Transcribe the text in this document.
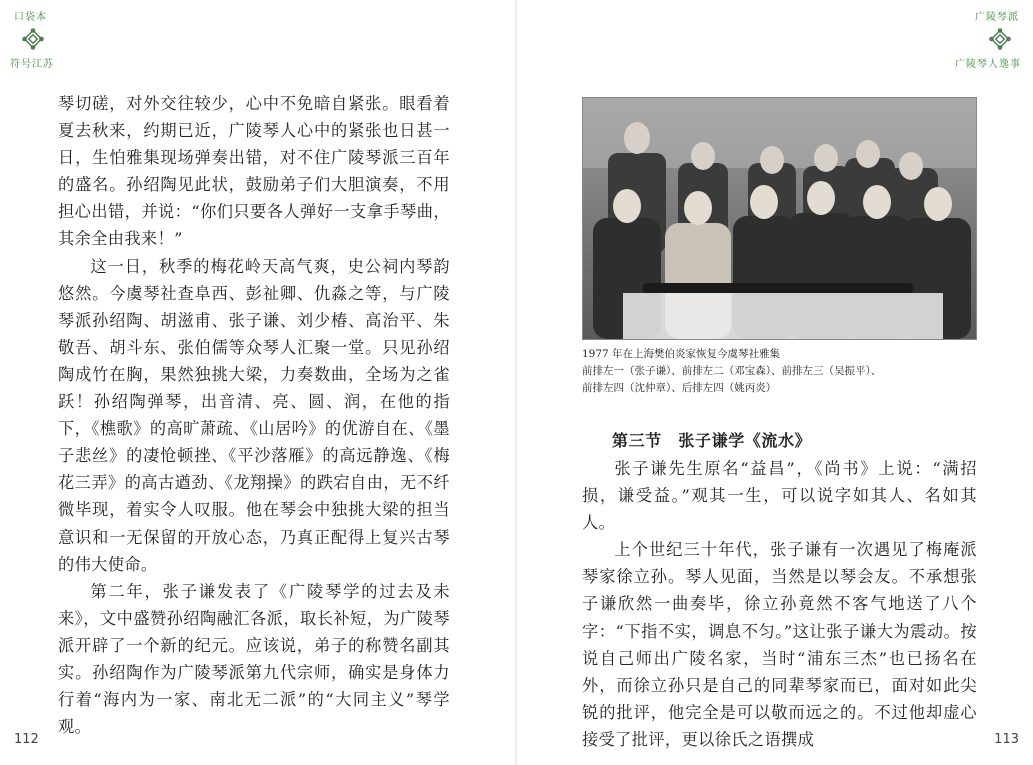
口袋本
符号江苏

琴切磋，对外交往较少，心中不免暗自紧张。眼看着夏去秋来，约期已近，广陵琴人心中的紧张也日甚一日，生怕雅集现场弹奏出错，对不住广陵琴派三百年的盛名。孙绍陶见此状，鼓励弟子们大胆演奏，不用担心出错，并说：“你们只要各人弹好一支拿手琴曲，其余全由我来！”

这一日，秋季的梅花岭天高气爽，史公祠内琴韵悠然。今虞琴社查阜西、彭祉卿、仇淼之等，与广陵琴派孙绍陶、胡滋甫、张子谦、刘少椿、高治平、朱敬吾、胡斗东、张伯儒等众琴人汇聚一堂。只见孙绍陶成竹在胸，果然独挑大梁，力奏数曲，全场为之雀跃！孙绍陶弹琴，出音清、亮、圆、润，在他的指下，《樵歌》的高旷萧疏、《山居吟》的优游自在、《墨子悲丝》的凄怆顿挫、《平沙落雁》的高远静逸、《梅花三弄》的高古遒劲、《龙翔操》的跌宕自由，无不纤微毕现，着实令人叹服。他在琴会中独挑大梁的担当意识和一无保留的开放心态，乃真正配得上复兴古琴的伟大使命。

第二年，张子谦发表了《广陵琴学的过去及未来》，文中盛赞孙绍陶融汇各派，取长补短，为广陵琴派开辟了一个新的纪元。应该说，弟子的称赞名副其实。孙绍陶作为广陵琴派第九代宗师，确实是身体力行着“海内为一家、南北无二派”的“大同主义”琴学观。

112
广陵琴派
广陵琴人逸事
1977 年在上海樊伯炎家恢复今虞琴社雅集
前排左一（张子谦）、前排左二（邓宝森）、前排左三（吴振平）、
前排左四（沈仲章）、后排左四（姚丙炎）
第三节　张子谦学《流水》

张子谦先生原名“益昌”，《尚书》上说：“满招损，谦受益。”观其一生，可以说字如其人、名如其人。

上个世纪三十年代，张子谦有一次遇见了梅庵派琴家徐立孙。琴人见面，当然是以琴会友。不承想张子谦欣然一曲奏毕，徐立孙竟然不客气地送了八个字：“下指不实，调息不匀。”这让张子谦大为震动。按说自己师出广陵名家，当时“浦东三杰”也已扬名在外，而徐立孙只是自己的同辈琴家而已，面对如此尖锐的批评，他完全是可以敬而远之的。不过他却虚心接受了批评，更以徐氏之语撰成	113
